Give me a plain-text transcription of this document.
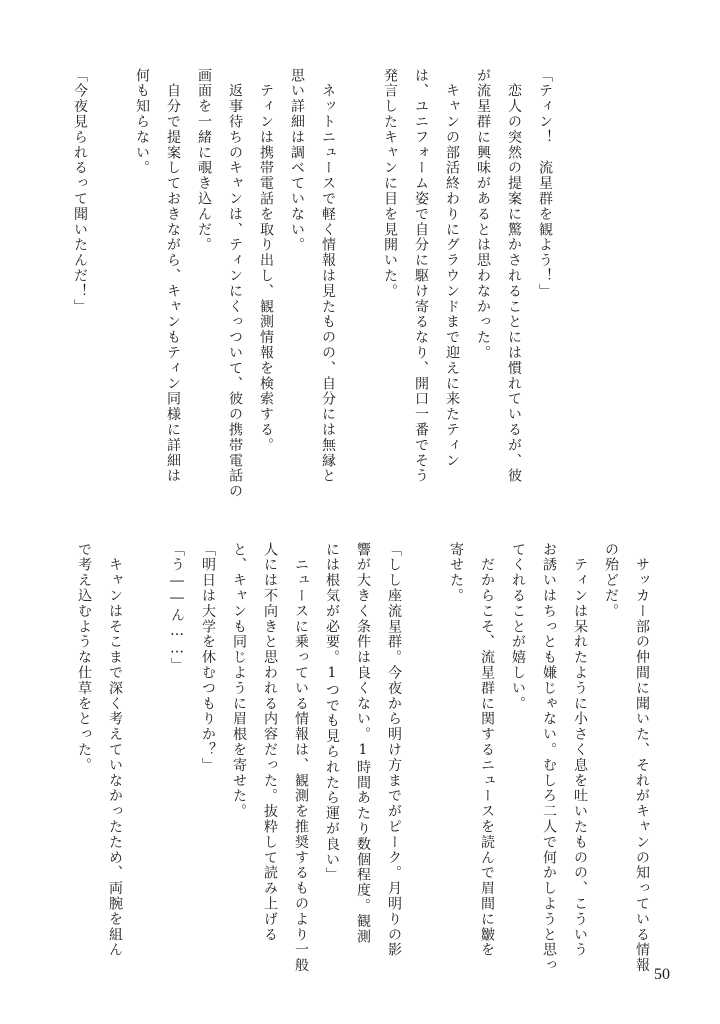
「ティン！　流星群を観よう！」
　恋人の突然の提案に驚かされることには慣れているが、彼
が流星群に興味があるとは思わなかった。
　キャンの部活終わりにグラウンドまで迎えに来たティン
は、ユニフォーム姿で自分に駆け寄るなり、開口一番でそう
発言したキャンに目を見開いた。

　ネットニュースで軽く情報は見たものの、自分には無縁と
思い詳細は調べていない。
　ティンは携帯電話を取り出し、観測情報を検索する。
　返事待ちのキャンは、ティンにくっついて、彼の携帯電話の
画面を一緒に覗き込んだ。
　自分で提案しておきながら、キャンもティン同様に詳細は
何も知らない。

「今夜見られるって聞いたんだ！」

　サッカー部の仲間に聞いた、それがキャンの知っている情報
の殆どだ。
　ティンは呆れたように小さく息を吐いたものの、こういう
お誘いはちっとも嫌じゃない。むしろ二人で何かしようと思っ
てくれることが嬉しい。
　だからこそ、流星群に関するニュースを読んで眉間に皺を
寄せた。

「しし座流星群。今夜から明け方までがピーク。月明りの影
響が大きく条件は良くない。1時間あたり数個程度。観測
には根気が必要。1つでも見られたら運が良い」
　ニュースに乗っている情報は、観測を推奨するものより一般
人には不向きと思われる内容だった。抜粋して読み上げる
と、キャンも同じように眉根を寄せた。
「明日は大学を休むつもりか？」
「う――ん……」

　キャンはそこまで深く考えていなかったため、両腕を組ん
で考え込むような仕草をとった。

50
